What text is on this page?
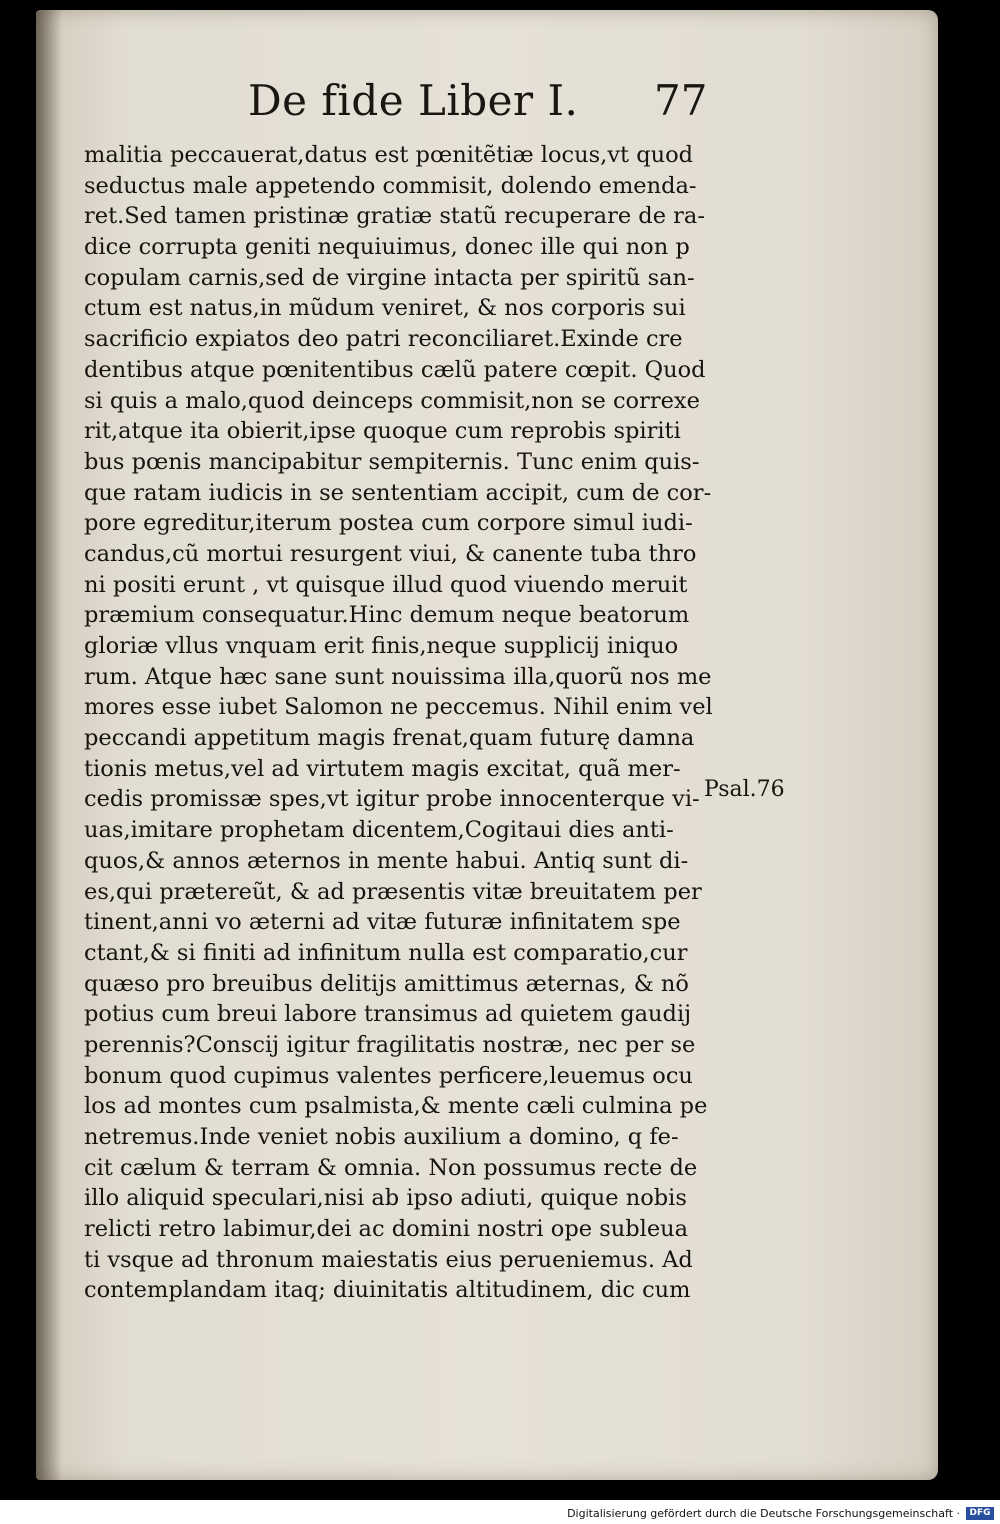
De fide Liber I. 77
malitia peccauerat,datus est pœnitẽtiæ locus,vt quod
seductus male appetendo commisit, dolendo emenda-
ret.Sed tamen pristinæ gratiæ statũ recuperare de ra-
dice corrupta geniti nequiuimus, donec ille qui non p
copulam carnis,sed de virgine intacta per spiritũ san-
ctum est natus,in mũdum veniret, & nos corporis sui
sacrificio expiatos deo patri reconciliaret.Exinde cre
dentibus atque pœnitentibus cælũ patere cœpit. Quod
si quis a malo,quod deinceps commisit,non se correxe
rit,atque ita obierit,ipse quoque cum reprobis spiriti
bus pœnis mancipabitur sempiternis. Tunc enim quis-
que ratam iudicis in se sententiam accipit, cum de cor-
pore egreditur,iterum postea cum corpore simul iudi-
candus,cũ mortui resurgent viui, & canente tuba thro
ni positi erunt , vt quisque illud quod viuendo meruit
præmium consequatur.Hinc demum neque beatorum
gloriæ vllus vnquam erit finis,neque supplicij iniquo
rum. Atque hæc sane sunt nouissima illa,quorũ nos me
mores esse iubet Salomon ne peccemus. Nihil enim vel
peccandi appetitum magis frenat,quam futurę damna
tionis metus,vel ad virtutem magis excitat, quã mer-
cedis promissæ spes,vt igitur probe innocenterque vi-
uas,imitare prophetam dicentem,Cogitaui dies anti-
quos,& annos æternos in mente habui. Antiq sunt di-
es,qui prætereũt, & ad præsentis vitæ breuitatem per
tinent,anni vo æterni ad vitæ futuræ infinitatem spe
ctant,& si finiti ad infinitum nulla est comparatio,cur
quæso pro breuibus delitijs amittimus æternas, & nõ
potius cum breui labore transimus ad quietem gaudij
perennis?Conscij igitur fragilitatis nostræ, nec per se
bonum quod cupimus valentes perficere,leuemus ocu
los ad montes cum psalmista,& mente cæli culmina pe
netremus.Inde veniet nobis auxilium a domino, q fe-
cit cælum & terram & omnia. Non possumus recte de
illo aliquid speculari,nisi ab ipso adiuti, quique nobis
relicti retro labimur,dei ac domini nostri ope subleua
ti vsque ad thronum maiestatis eius perueniemus. Ad
contemplandam itaq; diuinitatis altitudinem, dic cum
Psal.76
Digitalisierung gefördert durch die Deutsche Forschungsgemeinschaft ·	DFG
